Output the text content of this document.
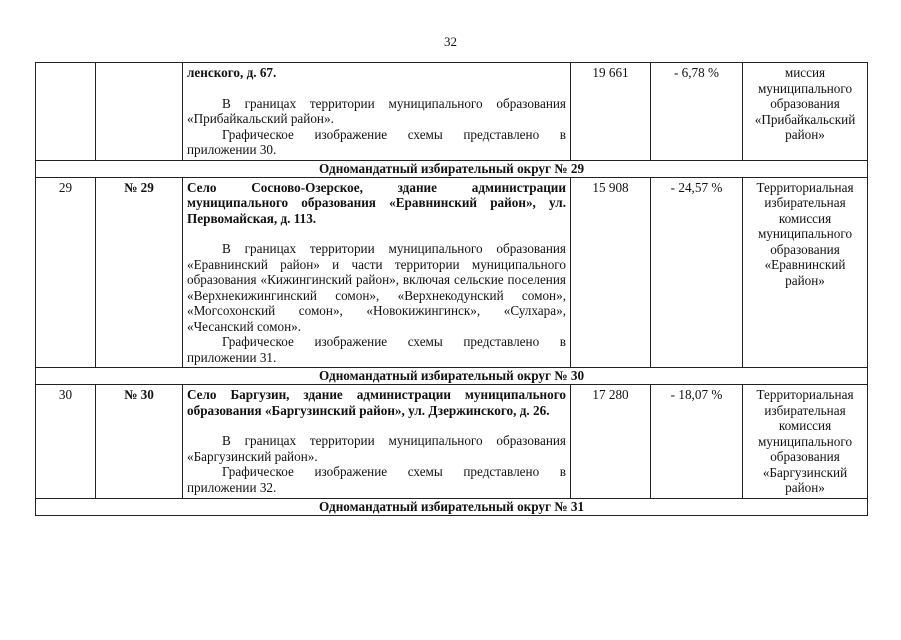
32

		ленского, д. 67.
В границах территории муниципального образования «Прибайкальский район».
Графическое изображение схемы представлено в приложении 30.	19 661	- 6,78 %	миссия муниципального образования «Прибайкальский район»
Одномандатный избирательный округ № 29					
29	№ 29	Село Сосново-Озерское, здание администрации муниципального образования «Еравнинский район», ул. Первомайская, д. 113.
В границах территории муниципального образования «Еравнинский район» и части территории муниципального образования «Кижингинский район», включая сельские поселения «Верхнекижингинский сомон», «Верхнекодунский сомон», «Могсохонский сомон», «Новокижингинск», «Сулхара», «Чесанский сомон».
Графическое изображение схемы представлено в приложении 31.	15 908	- 24,57 %	Территориальная избирательная комиссия муниципального образования «Еравнинский район»
Одномандатный избирательный округ № 30					
30	№ 30	Село Баргузин, здание администрации муниципального образования «Баргузинский район», ул. Дзержинского, д. 26.
В границах территории муниципального образования «Баргузинский район».
Графическое изображение схемы представлено в приложении 32.	17 280	- 18,07 %	Территориальная избирательная комиссия муниципального образования «Баргузинский район»
Одномандатный избирательный округ № 31					
